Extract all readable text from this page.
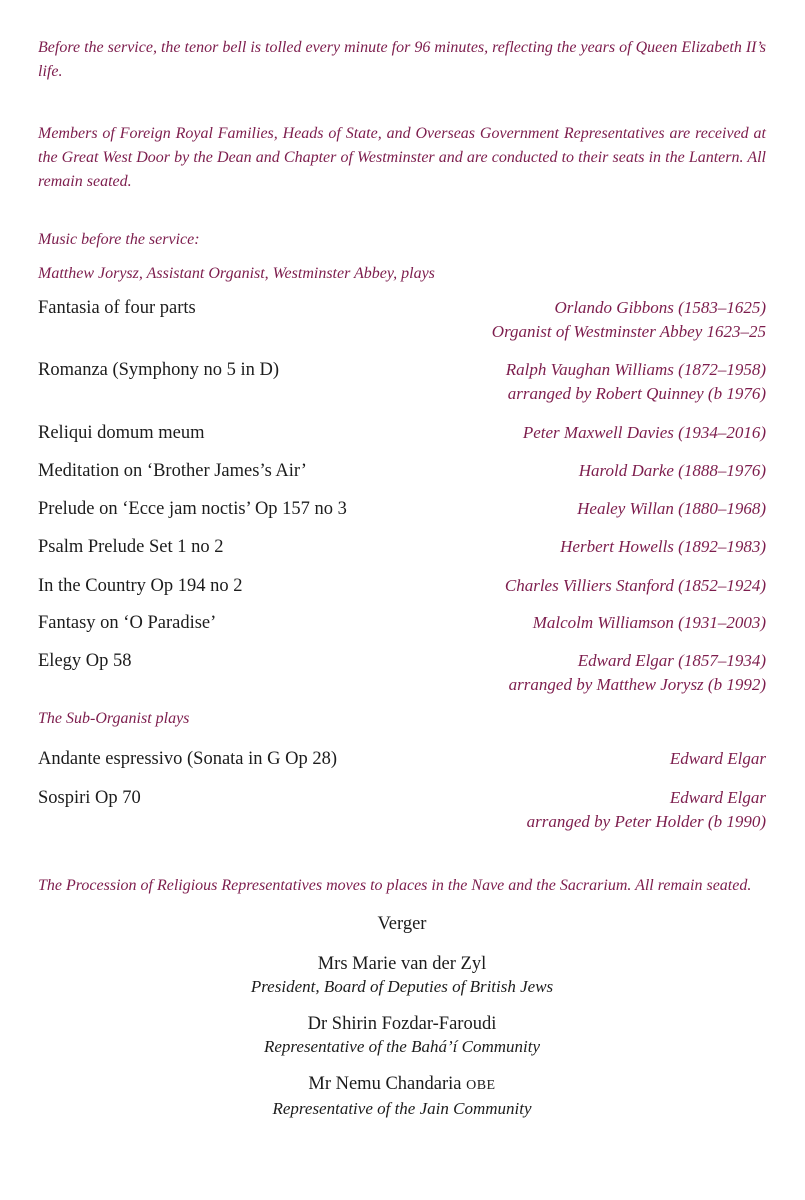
Before the service, the tenor bell is tolled every minute for 96 minutes, reflecting the years of Queen Elizabeth II’s life.

Members of Foreign Royal Families, Heads of State, and Overseas Government Representatives are received at the Great West Door by the Dean and Chapter of Westminster and are conducted to their seats in the Lantern. All remain seated.

Music before the service:

Matthew Jorysz, Assistant Organist, Westminster Abbey, plays

Fantasia of four parts	Orlando Gibbons (1583–1625)
Organist of Westminster Abbey 1623–25
Romanza (Symphony no 5 in D)	Ralph Vaughan Williams (1872–1958)
arranged by Robert Quinney (b 1976)
Reliqui domum meum	Peter Maxwell Davies (1934–2016)
Meditation on ‘Brother James’s Air’	Harold Darke (1888–1976)
Prelude on ‘Ecce jam noctis’ Op 157 no 3	Healey Willan (1880–1968)
Psalm Prelude Set 1 no 2	Herbert Howells (1892–1983)
In the Country Op 194 no 2	Charles Villiers Stanford (1852–1924)
Fantasy on ‘O Paradise’	Malcolm Williamson (1931–2003)
Elegy Op 58	Edward Elgar (1857–1934)
arranged by Matthew Jorysz (b 1992)

The Sub-Organist plays

Andante espressivo (Sonata in G Op 28)	Edward Elgar
Sospiri Op 70	Edward Elgar
arranged by Peter Holder (b 1990)

The Procession of Religious Representatives moves to places in the Nave and the Sacrarium. All remain seated.

Verger
Mrs Marie van der Zyl
President, Board of Deputies of British Jews
Dr Shirin Fozdar-Faroudi
Representative of the Bahá’í Community
Mr Nemu Chandaria OBE
Representative of the Jain Community
